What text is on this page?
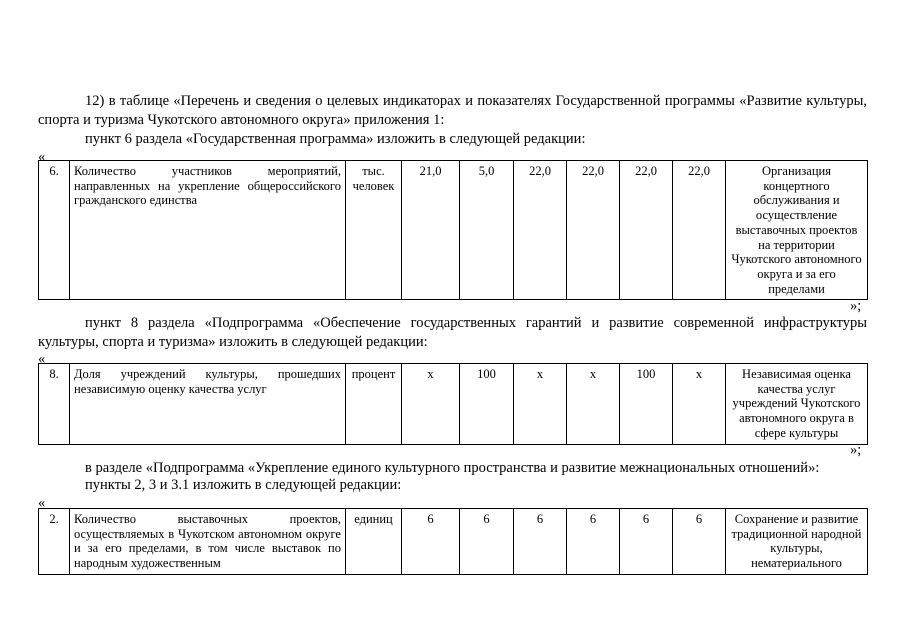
12) в таблице «Перечень и сведения о целевых индикаторах и показателях Государственной программы «Развитие культуры, спорта и туризма Чукотского автономного округа» приложения 1:
пункт 6 раздела «Государственная программа» изложить в следующей редакции:
«
6.	Количество участников мероприятий, направленных на укрепление общероссийского гражданского единства	тыс. человек	21,0	5,0	22,0	22,0	22,0	22,0	Организация концертного обслуживания и осуществление выставочных проектов на территории Чукотского автономного округа и за его пределами
»;
пункт 8 раздела «Подпрограмма «Обеспечение государственных гарантий и развитие современной инфраструктуры культуры, спорта и туризма» изложить в следующей редакции:
«
8.	Доля учреждений культуры, прошедших независимую оценку качества услуг	процент	x	100	x	x	100	x	Независимая оценка качества услуг учреждений Чукотского автономного округа в сфере культуры
»;
в разделе «Подпрограмма «Укрепление единого культурного пространства и развитие межнациональных отношений»:
пункты 2, 3 и 3.1 изложить в следующей редакции:
«
2.	Количество выставочных проектов, осуществляемых в Чукотском автономном округе и за его пределами, в том числе выставок по народным художественным	единиц	6	6	6	6	6	6	Сохранение и развитие традиционной народной культуры, нематериального
